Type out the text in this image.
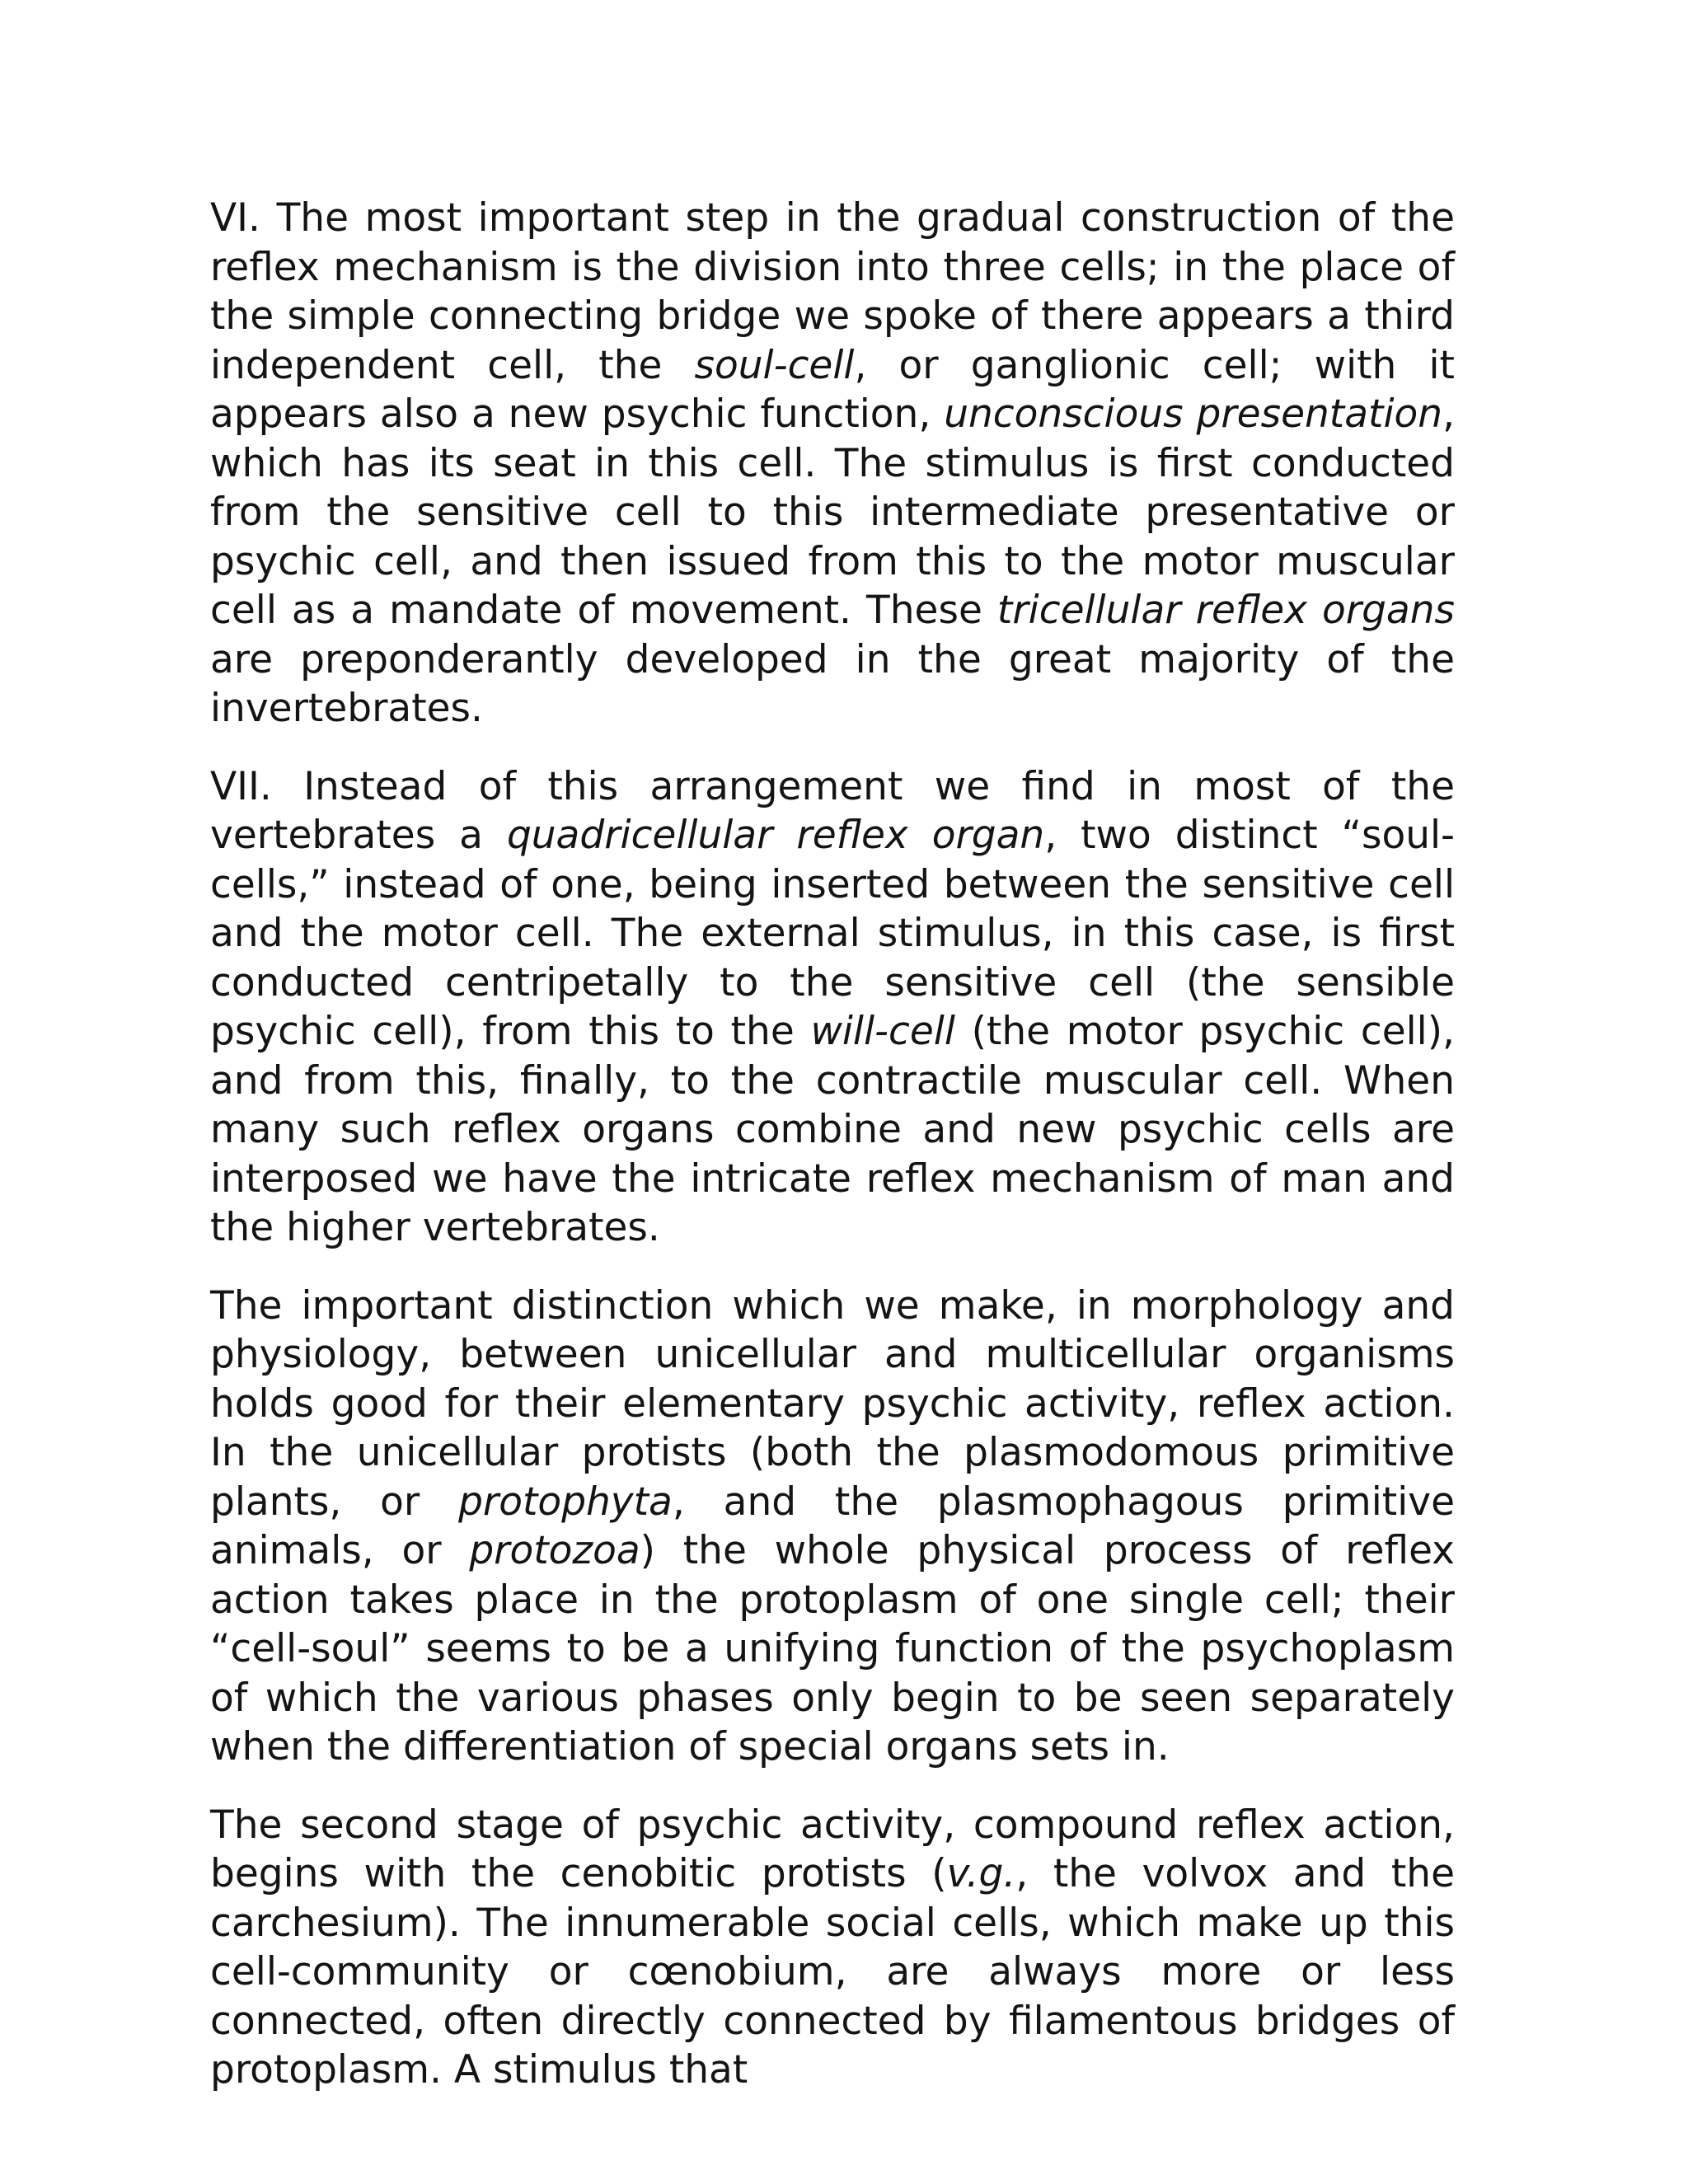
VI. The most important step in the gradual construction of the reflex mechanism is the division into three cells; in the place of the simple connecting bridge we spoke of there appears a third independent cell, the soul-cell, or ganglionic cell; with it appears also a new psychic function, unconscious presentation, which has its seat in this cell. The stimulus is first conducted from the sensitive cell to this intermediate presentative or psychic cell, and then issued from this to the motor muscular cell as a mandate of movement. These tricellular reflex organs are preponderantly developed in the great majority of the invertebrates.

VII. Instead of this arrangement we find in most of the vertebrates a quadricellular reflex organ, two distinct “soul-cells,” instead of one, being inserted between the sensitive cell and the motor cell. The external stimulus, in this case, is first conducted centripetally to the sensitive cell (the sensible psychic cell), from this to the will-cell (the motor psychic cell), and from this, finally, to the contractile muscular cell. When many such reflex organs combine and new psychic cells are interposed we have the intricate reflex mechanism of man and the higher vertebrates.

The important distinction which we make, in morphology and physiology, between unicellular and multicellular organisms holds good for their elementary psychic activity, reflex action. In the unicellular protists (both the plasmodomous primitive plants, or protophyta, and the plasmophagous primitive animals, or protozoa) the whole physical process of reflex action takes place in the protoplasm of one single cell; their “cell-soul” seems to be a unifying function of the psychoplasm of which the various phases only begin to be seen separately when the differentiation of special organs sets in.

The second stage of psychic activity, compound reflex action, begins with the cenobitic protists (v.g., the volvox and the carchesium). The innumerable social cells, which make up this cell-community or cœnobium, are always more or less connected, often directly connected by filamentous bridges of protoplasm. A stimulus that
